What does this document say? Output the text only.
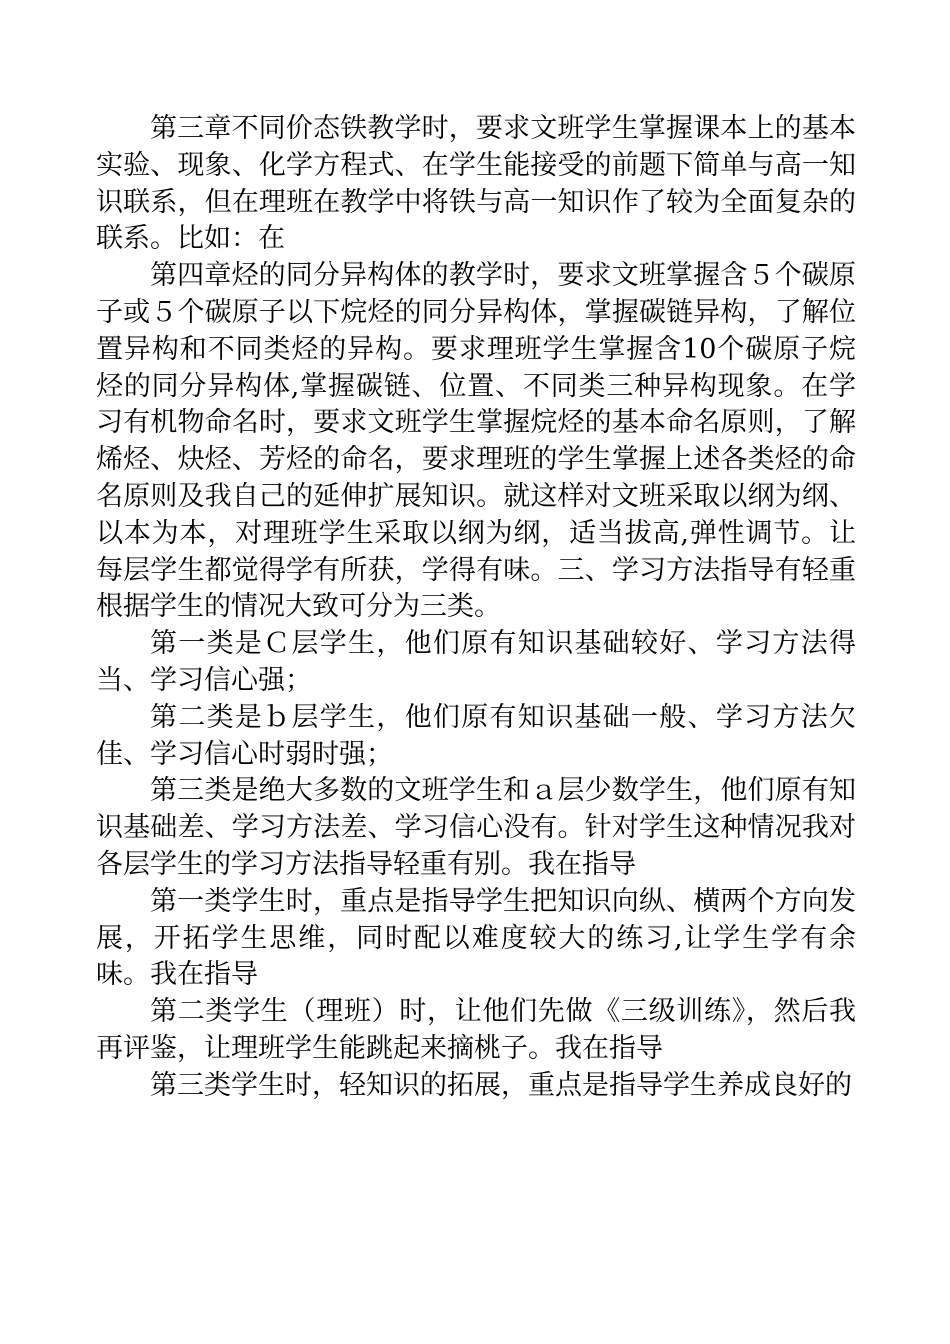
第三章不同价态铁教学时，要求文班学生掌握课本上的基本实验、现象、化学方程式、在学生能接受的前题下简单与高一知识联系，但在理班在教学中将铁与高一知识作了较为全面复杂的联系。比如：在

第四章烃的同分异构体的教学时，要求文班掌握含５个碳原子或５个碳原子以下烷烃的同分异构体，掌握碳链异构，了解位置异构和不同类烃的异构。要求理班学生掌握含10个碳原子烷烃的同分异构体,掌握碳链、位置、不同类三种异构现象。在学习有机物命名时，要求文班学生掌握烷烃的基本命名原则，了解烯烃、炔烃、芳烃的命名，要求理班的学生掌握上述各类烃的命名原则及我自己的延伸扩展知识。就这样对文班采取以纲为纲、以本为本，对理班学生采取以纲为纲，适当拔高,弹性调节。让每层学生都觉得学有所获，学得有味。三、学习方法指导有轻重根据学生的情况大致可分为三类。

第一类是Ｃ层学生，他们原有知识基础较好、学习方法得当、学习信心强；

第二类是ｂ层学生，他们原有知识基础一般、学习方法欠佳、学习信心时弱时强；

第三类是绝大多数的文班学生和ａ层少数学生，他们原有知识基础差、学习方法差、学习信心没有。针对学生这种情况我对各层学生的学习方法指导轻重有别。我在指导

第一类学生时，重点是指导学生把知识向纵、横两个方向发展，开拓学生思维，同时配以难度较大的练习,让学生学有余味。我在指导

第二类学生（理班）时，让他们先做《三级训练》，然后我再评鉴，让理班学生能跳起来摘桃子。我在指导

第三类学生时，轻知识的拓展，重点是指导学生养成良好的
